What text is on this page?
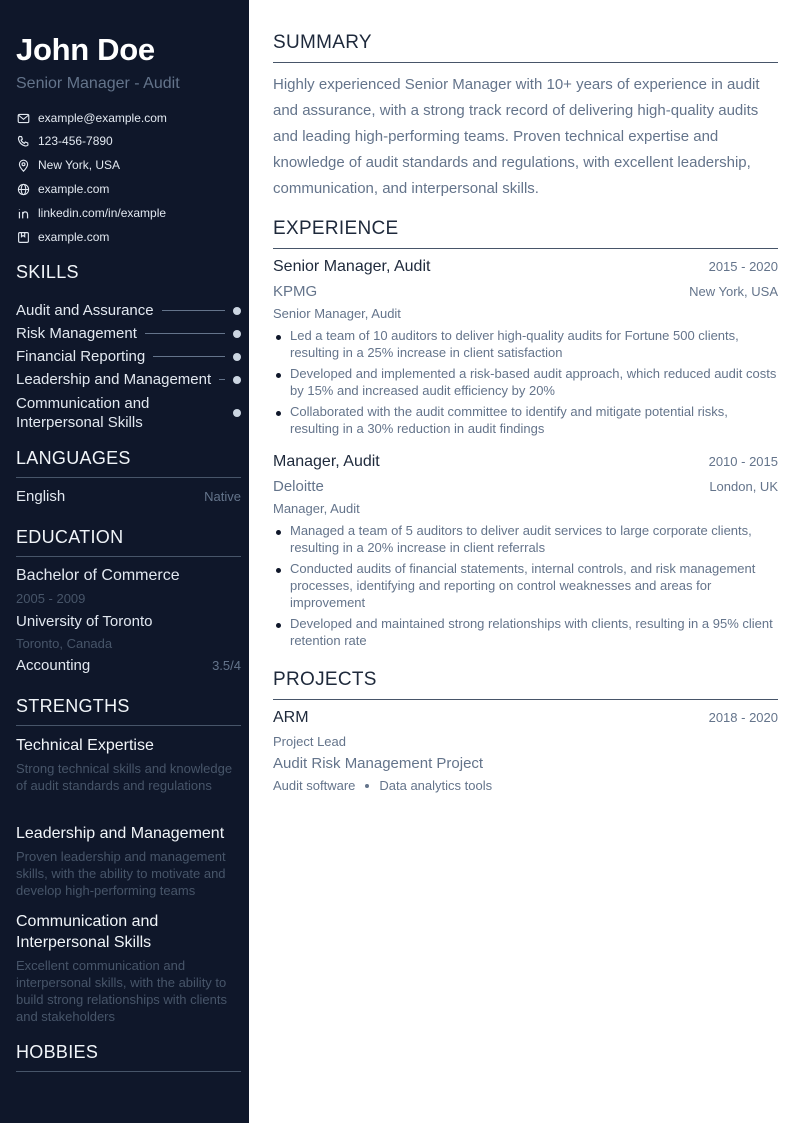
John Doe
Senior Manager - Audit
example@example.com
123-456-7890
New York, USA
example.com
linkedin.com/in/example
example.com
SKILLS
Audit and Assurance
Risk Management
Financial Reporting
Leadership and Management
Communication and Interpersonal Skills
LANGUAGES
English	Native
EDUCATION
Bachelor of Commerce
2005 - 2009
University of Toronto
Toronto, Canada
Accounting	3.5/4
STRENGTHS
Technical Expertise
Strong technical skills and knowledge of audit standards and regulations
Leadership and Management
Proven leadership and management skills, with the ability to motivate and develop high-performing teams
Communication and Interpersonal Skills
Excellent communication and interpersonal skills, with the ability to build strong relationships with clients and stakeholders
HOBBIES
SUMMARY

Highly experienced Senior Manager with 10+ years of experience in audit and assurance, with a strong track record of delivering high-quality audits and leading high-performing teams. Proven technical expertise and knowledge of audit standards and regulations, with excellent leadership, communication, and interpersonal skills.

EXPERIENCE
Senior Manager, Audit	2015 - 2020
KPMG	New York, USA
Senior Manager, Audit
Led a team of 10 auditors to deliver high-quality audits for Fortune 500 clients, resulting in a 25% increase in client satisfaction
Developed and implemented a risk-based audit approach, which reduced audit costs by 15% and increased audit efficiency by 20%
Collaborated with the audit committee to identify and mitigate potential risks, resulting in a 30% reduction in audit findings
Manager, Audit	2010 - 2015
Deloitte	London, UK
Manager, Audit
Managed a team of 5 auditors to deliver audit services to large corporate clients, resulting in a 20% increase in client referrals
Conducted audits of financial statements, internal controls, and risk management processes, identifying and reporting on control weaknesses and areas for improvement
Developed and maintained strong relationships with clients, resulting in a 95% client retention rate
PROJECTS
ARM	2018 - 2020
Project Lead
Audit Risk Management Project
Audit software Data analytics tools
